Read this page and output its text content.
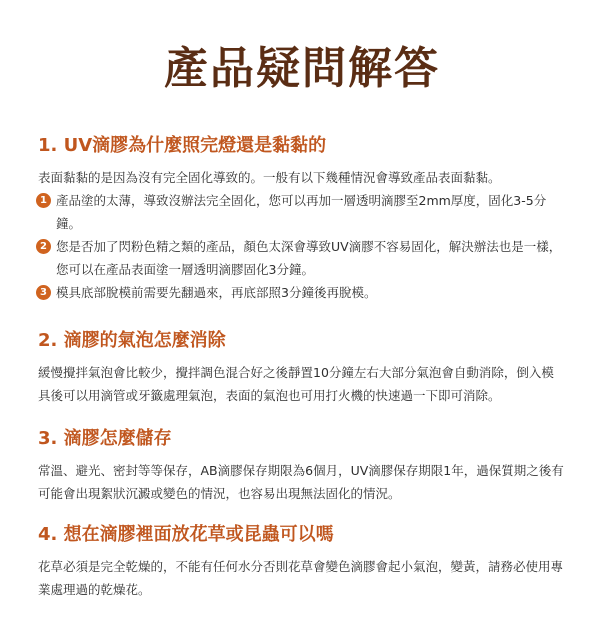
產品疑問解答
1. UV滴膠為什麼照完燈還是黏黏的

表面黏黏的是因為沒有完全固化導致的。一般有以下幾種情況會導致產品表面黏黏。

1 產品塗的太薄，導致沒辦法完全固化，您可以再加一層透明滴膠至2mm厚度，固化3-5分鐘。
2 您是否加了閃粉色精之類的產品，顏色太深會導致UV滴膠不容易固化，解決辦法也是一樣，您可以在產品表面塗一層透明滴膠固化3分鐘。
3 模具底部脫模前需要先翻過來，再底部照3分鐘後再脫模。
2. 滴膠的氣泡怎麼消除

緩慢攪拌氣泡會比較少，攪拌調色混合好之後靜置10分鐘左右大部分氣泡會自動消除，倒入模具後可以用滴管或牙籤處理氣泡，表面的氣泡也可用打火機的快速過一下即可消除。

3. 滴膠怎麼儲存

常溫、避光、密封等等保存，AB滴膠保存期限為6個月，UV滴膠保存期限1年，過保質期之後有可能會出現絮狀沉澱或變色的情況，也容易出現無法固化的情況。

4. 想在滴膠裡面放花草或昆蟲可以嗎

花草必須是完全乾燥的，不能有任何水分否則花草會變色滴膠會起小氣泡，變黃，請務必使用專業處理過的乾燥花。
